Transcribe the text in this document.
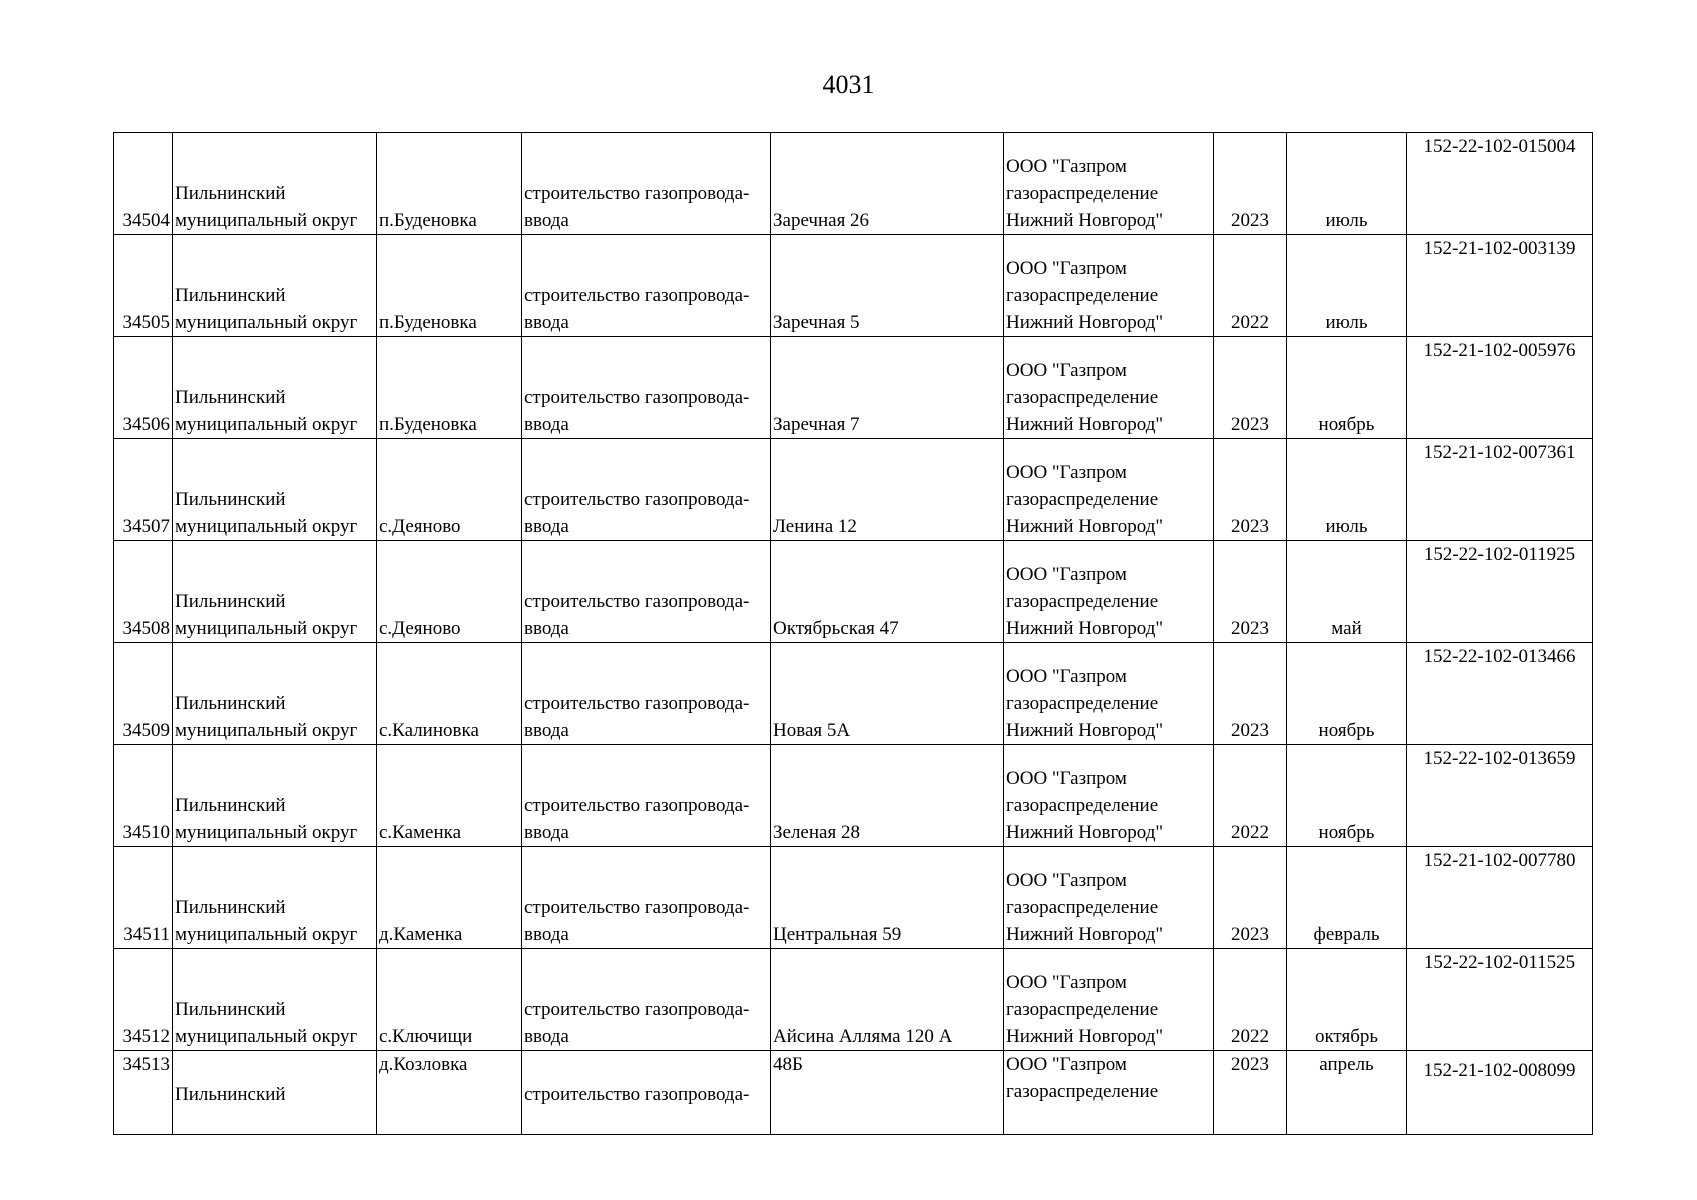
4031
34504	Пильнинский
муниципальный округ	п.Буденовка	строительство газопровода-
ввода	Заречная 26	ООО "Газпром
газораспределение
Нижний Новгород"	2023	июль	152-22-102-015004
34505	Пильнинский
муниципальный округ	п.Буденовка	строительство газопровода-
ввода	Заречная 5	ООО "Газпром
газораспределение
Нижний Новгород"	2022	июль	152-21-102-003139
34506	Пильнинский
муниципальный округ	п.Буденовка	строительство газопровода-
ввода	Заречная 7	ООО "Газпром
газораспределение
Нижний Новгород"	2023	ноябрь	152-21-102-005976
34507	Пильнинский
муниципальный округ	с.Деяново	строительство газопровода-
ввода	Ленина 12	ООО "Газпром
газораспределение
Нижний Новгород"	2023	июль	152-21-102-007361
34508	Пильнинский
муниципальный округ	с.Деяново	строительство газопровода-
ввода	Октябрьская 47	ООО "Газпром
газораспределение
Нижний Новгород"	2023	май	152-22-102-011925
34509	Пильнинский
муниципальный округ	с.Калиновка	строительство газопровода-
ввода	Новая 5А	ООО "Газпром
газораспределение
Нижний Новгород"	2023	ноябрь	152-22-102-013466
34510	Пильнинский
муниципальный округ	с.Каменка	строительство газопровода-
ввода	Зеленая 28	ООО "Газпром
газораспределение
Нижний Новгород"	2022	ноябрь	152-22-102-013659
34511	Пильнинский
муниципальный округ	д.Каменка	строительство газопровода-
ввода	Центральная 59	ООО "Газпром
газораспределение
Нижний Новгород"	2023	февраль	152-21-102-007780
34512	Пильнинский
муниципальный округ	с.Ключищи	строительство газопровода-
ввода	Айсина Алляма 120 А	ООО "Газпром
газораспределение
Нижний Новгород"	2022	октябрь	152-22-102-011525
34513	Пильнинский	д.Козловка	строительство газопровода-	48Б	ООО "Газпром
газораспределение	2023	апрель	152-21-102-008099
